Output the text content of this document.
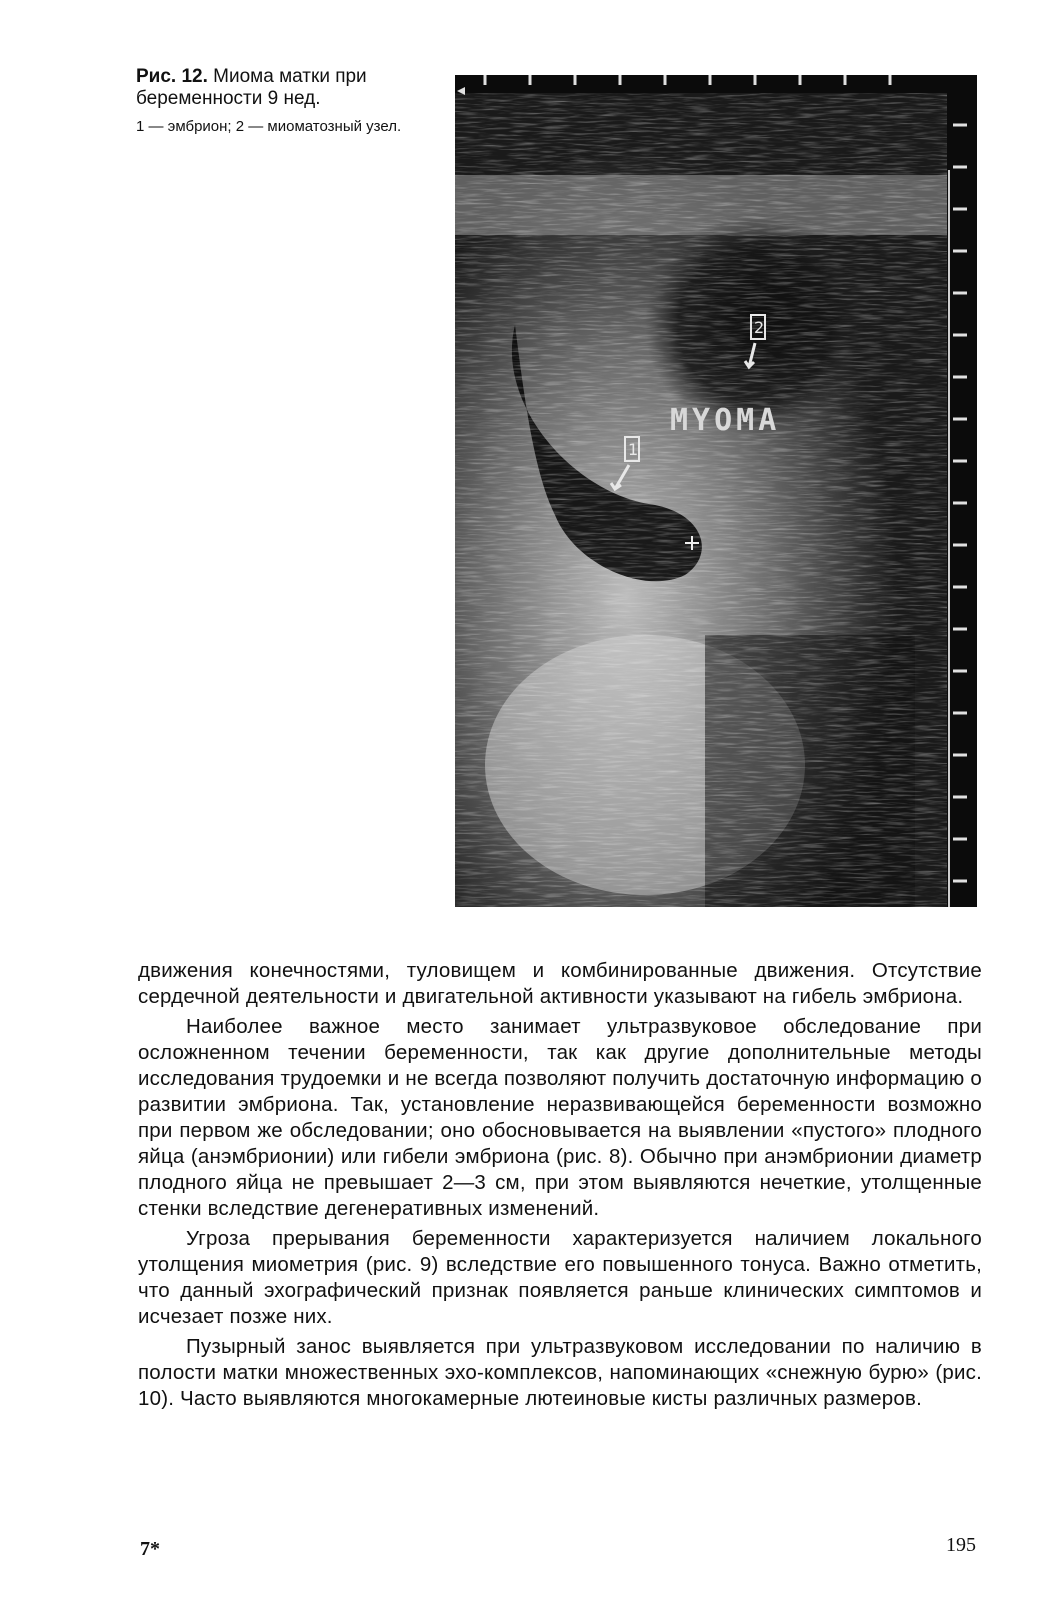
Рис. 12. Миома матки при беременности 9 нед.

1 — эмбрион; 2 — миоматозный узел.

MYOMA
2
1

движения конечностями, туловищем и комбинированные движения. Отсутствие сердечной деятельности и двигательной активности указывают на гибель эмбриона.

Наиболее важное место занимает ультразвуковое обследование при осложненном течении беременности, так как другие дополнительные методы исследования трудоемки и не всегда позволяют получить достаточную информацию о развитии эмбриона. Так, установление неразвивающейся беременности возможно при первом же обследовании; оно обосновывается на выявлении «пустого» плодного яйца (анэмбрионии) или гибели эмбриона (рис. 8). Обычно при анэмбрионии диаметр плодного яйца не превышает 2—3 см, при этом выявляются нечеткие, утолщенные стенки вследствие дегенеративных изменений.

Угроза прерывания беременности характеризуется наличием локального утолщения миометрия (рис. 9) вследствие его повышенного тонуса. Важно отметить, что данный эхографический признак появляется раньше клинических симптомов и исчезает позже них.

Пузырный занос выявляется при ультразвуковом исследовании по наличию в полости матки множественных эхо-комплексов, напоминающих «снежную бурю» (рис. 10). Часто выявляются многокамерные лютеиновые кисты различных размеров.

7*	195
